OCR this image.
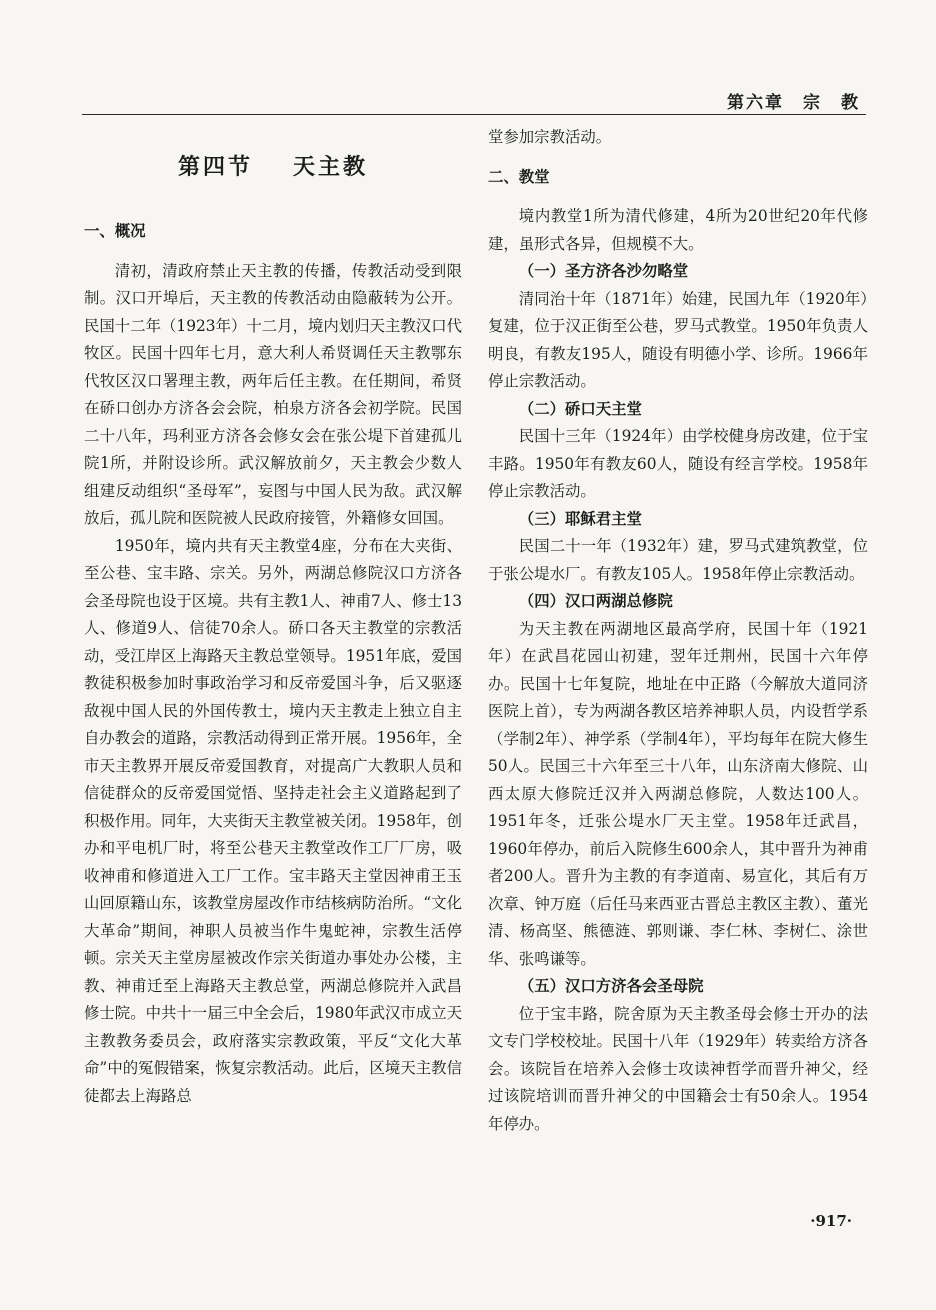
第六章　宗　教
第四节 天主教
一、概况

清初，清政府禁止天主教的传播，传教活动受到限制。汉口开埠后，天主教的传教活动由隐蔽转为公开。民国十二年（1923年）十二月，境内划归天主教汉口代牧区。民国十四年七月，意大利人希贤调任天主教鄂东代牧区汉口署理主教，两年后任主教。在任期间，希贤在硚口创办方济各会会院，柏泉方济各会初学院。民国二十八年，玛利亚方济各会修女会在张公堤下首建孤儿院1所，并附设诊所。武汉解放前夕，天主教会少数人组建反动组织“圣母军”，妄图与中国人民为敌。武汉解放后，孤儿院和医院被人民政府接管，外籍修女回国。

1950年，境内共有天主教堂4座，分布在大夹街、至公巷、宝丰路、宗关。另外，两湖总修院汉口方济各会圣母院也设于区境。共有主教1人、神甫7人、修士13人、修道9人、信徒70余人。硚口各天主教堂的宗教活动，受江岸区上海路天主教总堂领导。1951年底，爱国教徒积极参加时事政治学习和反帝爱国斗争，后又驱逐敌视中国人民的外国传教士，境内天主教走上独立自主自办教会的道路，宗教活动得到正常开展。1956年，全市天主教界开展反帝爱国教育，对提高广大教职人员和信徒群众的反帝爱国觉悟、坚持走社会主义道路起到了积极作用。同年，大夹街天主教堂被关闭。1958年，创办和平电机厂时，将至公巷天主教堂改作工厂厂房，吸收神甫和修道进入工厂工作。宝丰路天主堂因神甫王玉山回原籍山东，该教堂房屋改作市结核病防治所。“文化大革命”期间，神职人员被当作牛鬼蛇神，宗教生活停顿。宗关天主堂房屋被改作宗关街道办事处办公楼，主教、神甫迁至上海路天主教总堂，两湖总修院并入武昌修士院。中共十一届三中全会后，1980年武汉市成立天主教教务委员会，政府落实宗教政策，平反“文化大革命”中的冤假错案，恢复宗教活动。此后，区境天主教信徒都去上海路总

堂参加宗教活动。

二、教堂

境内教堂1所为清代修建，4所为20世纪20年代修建，虽形式各异，但规模不大。

（一）圣方济各沙勿略堂

清同治十年（1871年）始建，民国九年（1920年）复建，位于汉正街至公巷，罗马式教堂。1950年负责人明良，有教友195人，随设有明德小学、诊所。1966年停止宗教活动。

（二）硚口天主堂

民国十三年（1924年）由学校健身房改建，位于宝丰路。1950年有教友60人，随设有经言学校。1958年停止宗教活动。

（三）耶稣君主堂

民国二十一年（1932年）建，罗马式建筑教堂，位于张公堤水厂。有教友105人。1958年停止宗教活动。

（四）汉口两湖总修院

为天主教在两湖地区最高学府，民国十年（1921年）在武昌花园山初建，翌年迁荆州，民国十六年停办。民国十七年复院，地址在中正路（今解放大道同济医院上首），专为两湖各教区培养神职人员，内设哲学系（学制2年）、神学系（学制4年），平均每年在院大修生50人。民国三十六年至三十八年，山东济南大修院、山西太原大修院迁汉并入两湖总修院，人数达100人。1951年冬，迁张公堤水厂天主堂。1958年迁武昌，1960年停办，前后入院修生600余人，其中晋升为神甫者200人。晋升为主教的有李道南、易宣化，其后有万次章、钟万庭（后任马来西亚古晋总主教区主教）、董光清、杨高坚、熊德涟、郭则谦、李仁林、李树仁、涂世华、张鸣谦等。

（五）汉口方济各会圣母院

位于宝丰路，院舍原为天主教圣母会修士开办的法文专门学校校址。民国十八年（1929年）转卖给方济各会。该院旨在培养入会修士攻读神哲学而晋升神父，经过该院培训而晋升神父的中国籍会士有50余人。1954年停办。

·917·
